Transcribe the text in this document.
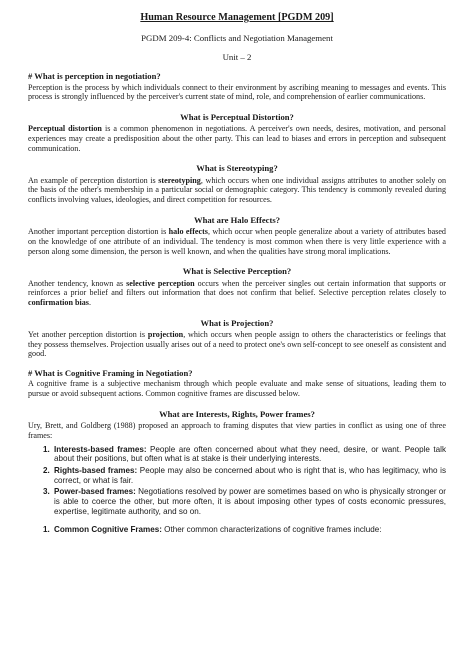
Human Resource Management [PGDM 209]
PGDM 209-4: Conflicts and Negotiation Management
Unit – 2
# What is perception in negotiation?

Perception is the process by which individuals connect to their environment by ascribing meaning to messages and events. This process is strongly influenced by the perceiver's current state of mind, role, and comprehension of earlier communications.

What is Perceptual Distortion?

Perceptual distortion is a common phenomenon in negotiations. A perceiver's own needs, desires, motivation, and personal experiences may create a predisposition about the other party. This can lead to biases and errors in perception and subsequent communication.

What is Stereotyping?

An example of perception distortion is stereotyping, which occurs when one individual assigns attributes to another solely on the basis of the other's membership in a particular social or demographic category. This tendency is commonly revealed during conflicts involving values, ideologies, and direct competition for resources.

What are Halo Effects?

Another important perception distortion is halo effects, which occur when people generalize about a variety of attributes based on the knowledge of one attribute of an individual. The tendency is most common when there is very little experience with a person along some dimension, the person is well known, and when the qualities have strong moral implications.

What is Selective Perception?

Another tendency, known as selective perception occurs when the perceiver singles out certain information that supports or reinforces a prior belief and filters out information that does not confirm that belief. Selective perception relates closely to confirmation bias.

What is Projection?

Yet another perception distortion is projection, which occurs when people assign to others the characteristics or feelings that they possess themselves. Projection usually arises out of a need to protect one's own self-concept to see oneself as consistent and good.

# What is Cognitive Framing in Negotiation?

A cognitive frame is a subjective mechanism through which people evaluate and make sense of situations, leading them to pursue or avoid subsequent actions. Common cognitive frames are discussed below.

What are Interests, Rights, Power frames?

Ury, Brett, and Goldberg (1988) proposed an approach to framing disputes that view parties in conflict as using one of three frames:

1. Interests-based frames: People are often concerned about what they need, desire, or want. People talk about their positions, but often what is at stake is their underlying interests.
2. Rights-based frames: People may also be concerned about who is right that is, who has legitimacy, who is correct, or what is fair.
3. Power-based frames: Negotiations resolved by power are sometimes based on who is physically stronger or is able to coerce the other, but more often, it is about imposing other types of costs economic pressures, expertise, legitimate authority, and so on.
1. Common Cognitive Frames: Other common characterizations of cognitive frames include:
